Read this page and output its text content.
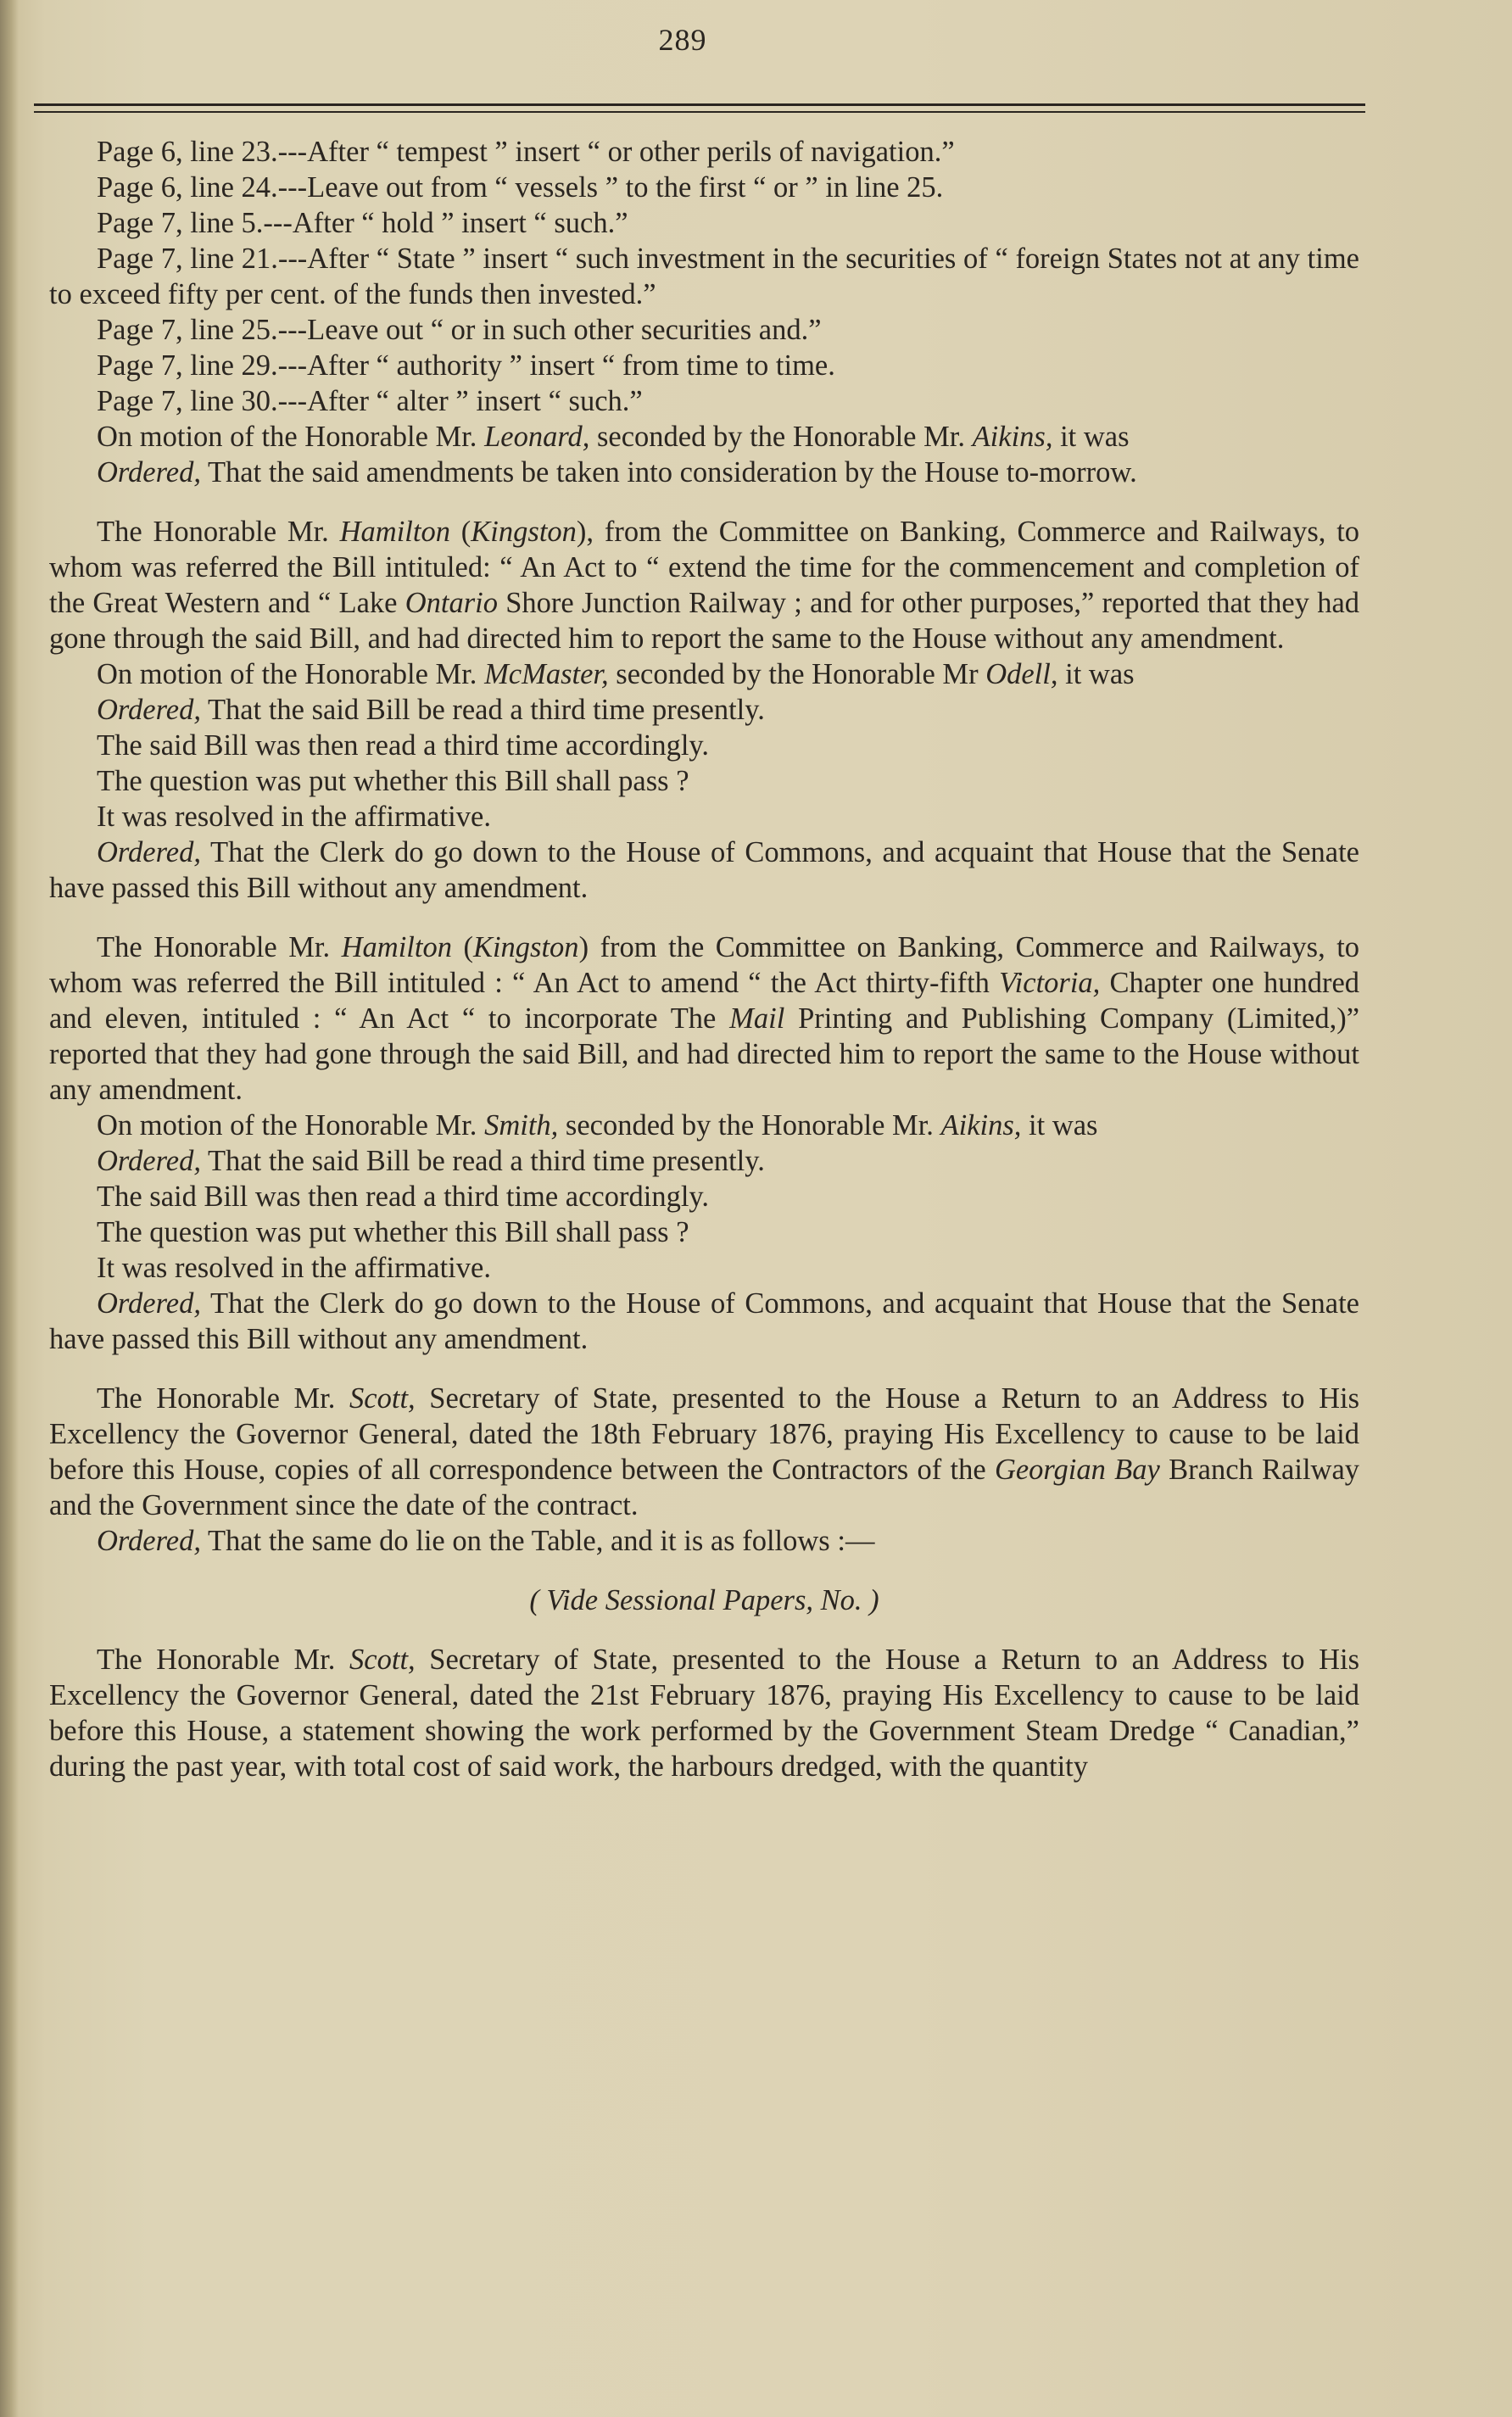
289

Page 6, line 23.---After “ tempest ” insert “ or other perils of navigation.”

Page 6, line 24.---Leave out from “ vessels ” to the first “ or ” in line 25.

Page 7, line 5.---After “ hold ” insert “ such.”

Page 7, line 21.---After “ State ” insert “ such investment in the securities of “ foreign States not at any time to exceed fifty per cent. of the funds then invested.”

Page 7, line 25.---Leave out “ or in such other securities and.”

Page 7, line 29.---After “ authority ” insert “ from time to time.

Page 7, line 30.---After “ alter ” insert “ such.”

On motion of the Honorable Mr. Leonard, seconded by the Honorable Mr. Aikins, it was

Ordered, That the said amendments be taken into consideration by the House to-morrow.

The Honorable Mr. Hamilton (Kingston), from the Committee on Banking, Commerce and Railways, to whom was referred the Bill intituled: “ An Act to “ extend the time for the commencement and completion of the Great Western and “ Lake Ontario Shore Junction Railway ; and for other purposes,” reported that they had gone through the said Bill, and had directed him to report the same to the House without any amendment.

On motion of the Honorable Mr. McMaster, seconded by the Honorable Mr Odell, it was

Ordered, That the said Bill be read a third time presently.

The said Bill was then read a third time accordingly.

The question was put whether this Bill shall pass ?

It was resolved in the affirmative.

Ordered, That the Clerk do go down to the House of Commons, and acquaint that House that the Senate have passed this Bill without any amendment.

The Honorable Mr. Hamilton (Kingston) from the Committee on Banking, Commerce and Railways, to whom was referred the Bill intituled : “ An Act to amend “ the Act thirty-fifth Victoria, Chapter one hundred and eleven, intituled : “ An Act “ to incorporate The Mail Printing and Publishing Company (Limited,)” reported that they had gone through the said Bill, and had directed him to report the same to the House without any amendment.

On motion of the Honorable Mr. Smith, seconded by the Honorable Mr. Aikins, it was

Ordered, That the said Bill be read a third time presently.

The said Bill was then read a third time accordingly.

The question was put whether this Bill shall pass ?

It was resolved in the affirmative.

Ordered, That the Clerk do go down to the House of Commons, and acquaint that House that the Senate have passed this Bill without any amendment.

The Honorable Mr. Scott, Secretary of State, presented to the House a Return to an Address to His Excellency the Governor General, dated the 18th February 1876, praying His Excellency to cause to be laid before this House, copies of all correspondence between the Contractors of the Georgian Bay Branch Railway and the Government since the date of the contract.

Ordered, That the same do lie on the Table, and it is as follows :—

( Vide Sessional Papers, No. )

The Honorable Mr. Scott, Secretary of State, presented to the House a Return to an Address to His Excellency the Governor General, dated the 21st February 1876, praying His Excellency to cause to be laid before this House, a statement showing the work performed by the Government Steam Dredge “ Canadian,” during the past year, with total cost of said work, the harbours dredged, with the quantity
